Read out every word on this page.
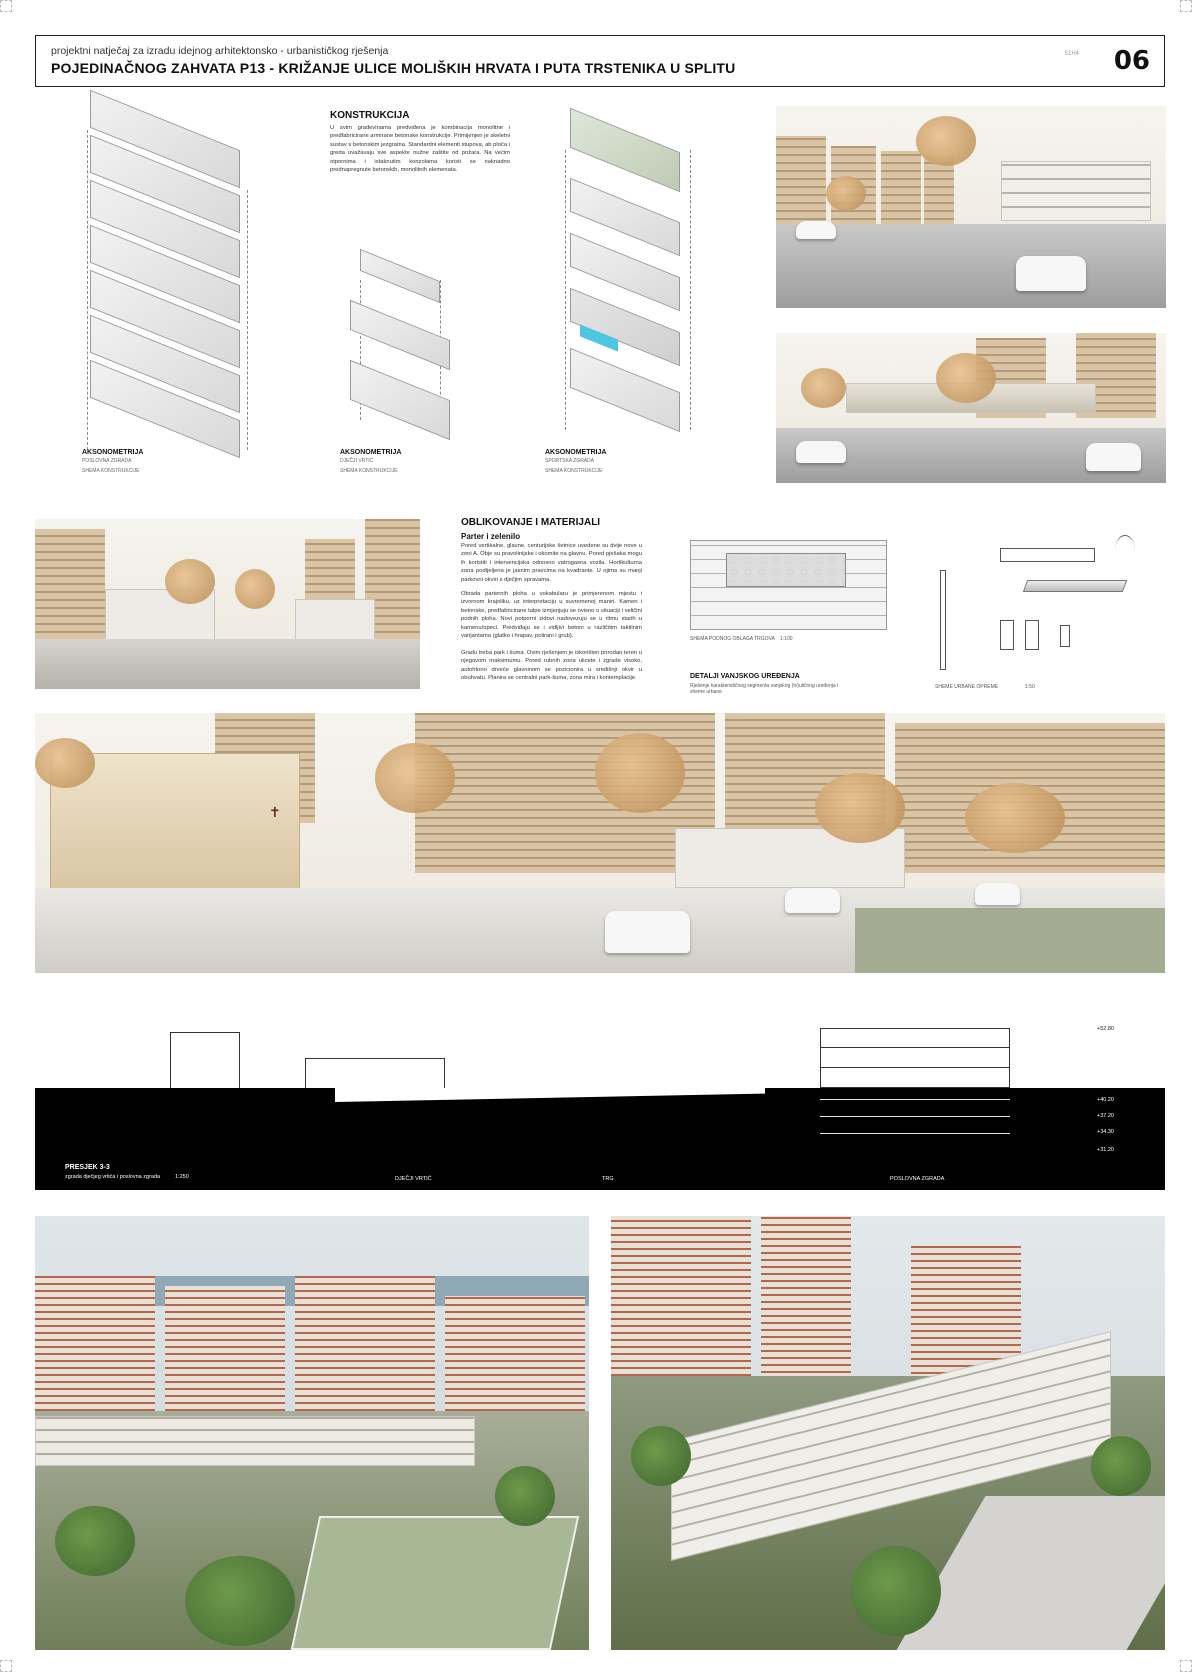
projektni natječaj za izradu idejnog arhitektonsko - urbanističkog rješenja
POJEDINAČNOG ZAHVATA P13 - KRIŽANJE ULICE MOLIŠKIH HRVATA I PUTA TRSTENIKA U SPLITU
51H4 06
AKSONOMETRIJA
POSLOVNA ZGRADA
SHEMA KONSTRUKCIJE
KONSTRUKCIJA
U svim građevinama predviđena je kombinacija monolitne i predfabricirane armirane betonske konstrukcije. Primijenjen je skeletni sustav s betonskim jezgrama. Standardni elementi stupova, ab ploča i greda uvažavaju sve aspekte nužne zaštite od požara. Na većim otpornima i istaknutim konzolama koristi se naknadno prednapregnute betonskih, monolitnih elemenata.
AKSONOMETRIJA
DJEČJI VRTIĆ
SHEMA KONSTRUKCIJE
AKSONOMETRIJA
SPORTSKA ZGRADA
SHEMA KONSTRUKCIJE
OBLIKOVANJE I MATERIJALI
Parter i zelenilo
Pored vertikalne, glavne, centurijske šetnice uvedene su dvije nove u zoni A. Obje su pravolinijske i okomite na glavnu. Pored pješaka mogu ih koristiti i intervencijska odnosno vatrogasna vozila. Hortikulturna zona podijeljena je jasnim pravcima na kvadrante. U njima su manji parkovni okviri s dječjim spravama.
Obrada parternih ploha u vokabularu je primjerenom mjestu i izvornom krajoliku, uz interpretaciju u suvremenoj maniri. Kamen i betonske, predfabricirane talpe izmjenjuju se ovisno o situaciji i veličini podnih ploha. Novi potporni zidovi nadovezuju se u ritmu starih u kamenu/opeci. Predviđaju se i vidljivi betoni u različitim taktilnim varijantama (glatko i hrapav, polirani i grub).
Gradu treba park i šuma. Ovim rješenjem je iskorišten prirodan teren u njegovom maksimumu. Pored rubnih zona ulicete i zgrade visoko, autohtono drveće glavninom se pozicionira u središnji okvir u obuhvatu. Planira se centralni park-šuma, zona mira i kontemplacije.
SHEMA PODNOG OBLAGA TRGOVA 1:100
DETALJI VANJSKOG UREĐENJA
Rješenje karakterističnog segmenta vanjskog (tv)uličnog uređenja i sheme urbane
SHEME URBANE OPREME	1:50
✝
PRESJEK 3-3
zgrada dječjeg vrtića i poslovna zgrada	1:250	DJEČJI VRTIĆ	TRG	POSLOVNA ZGRADA
+52.80
+48.60
+44.40
+40.20
+37.20
+34.30
+31.20
